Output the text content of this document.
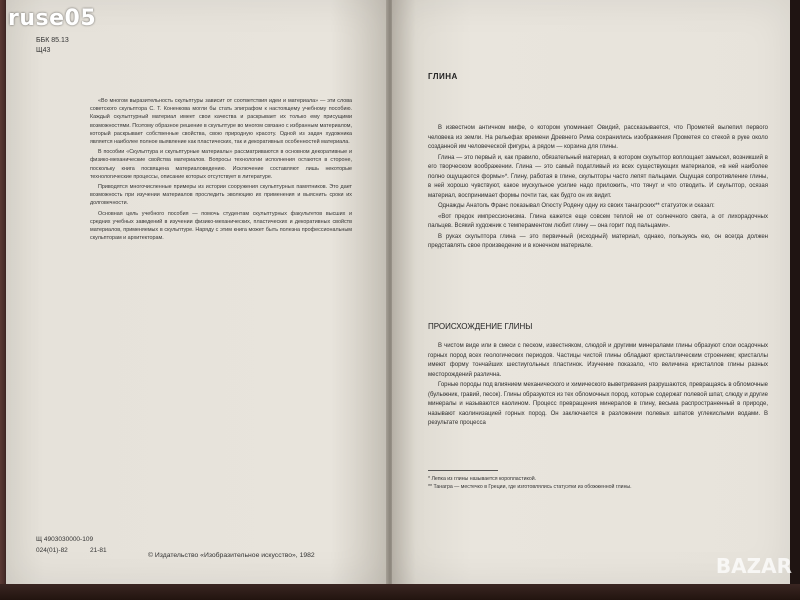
ББК 85.13
Щ43

«Во многом выразительность скульптуры зависит от соответствия идеи и материала» — эти слова советского скульптора С. Т. Коненкова могли бы стать эпиграфом к настоящему учебному пособию. Каждый скульптурный материал имеет свои качества и раскрывает их только ему присущими возможностями. Поэтому образное решение в скульптуре во многом связано с избранным материалом, который раскрывает собственные свойства, свою природную красоту. Одной из задач художника является наиболее полное выявление как пластических, так и декоративных особенностей материала.

В пособии «Скульптура и скульптурные материалы» рассматриваются в основном декоративные и физико-механические свойства материалов. Вопросы технологии исполнения остаются в стороне, поскольку книга посвящена материаловедению. Исключение составляют лишь некоторые технологические процессы, описание которых отсутствует в литературе.

Приводятся многочисленные примеры из истории сооружения скульптурных памятников. Это дает возможность при изучении материалов проследить эволюцию их применения и выяснить сроки их долговечности.

Основная цель учебного пособия — помочь студентам скульптурных факультетов высших и средних учебных заведений в изучении физико-механических, пластических и декоративных свойств материалов, применяемых в скульптуре. Наряду с этим книга может быть полезна профессиональным скульпторам и архитекторам.

Щ 4903030000-109
024(01)-82	21-81
© Издательство «Изобразительное искусство», 1982
ГЛИНА

В известном античном мифе, о котором упоминает Овидий, рассказывается, что Прометей вылепил первого человека из земли. На рельефах времени Древнего Рима сохранились изображения Прометея со стекой в руке около созданной им человеческой фигуры, а рядом — корзина для глины.

Глина — это первый и, как правило, обязательный материал, в котором скульптор воплощает замысел, возникший в его творческом воображении. Глина — это самый податливый из всех существующих материалов, «в ней наиболее полно ощущаются формы»*. Глину, работая в глине, скульпторы часто лепят пальцами. Ощущая сопротивление глины, в ней хорошо чувствуют, какое мускульное усилие надо приложить, что тянут и что отводить. И скульптор, осязая материал, воспринимает формы почти так, как будто он их видит.

Однажды Анатоль Франс показывал Огюсту Родену одну из своих танагрских** статуэток и сказал:

«Вот предок импрессионизма. Глина кажется еще совсем теплой не от солнечного света, а от лихорадочных пальцев. Всякий художник с темпераментом любит глину — она горит под пальцами».

В руках скульптора глина — это первичный (исходный) материал, однако, пользуясь ею, он всегда должен представлять свое произведение и в конечном материале.

ПРОИСХОЖДЕНИЕ ГЛИНЫ

В чистом виде или в смеси с песком, известняком, слюдой и другими минералами глины образуют слои осадочных горных пород всех геологических периодов. Частицы чистой глины обладают кристаллическим строением; кристаллы имеют форму тончайших шестиугольных пластинок. Изучение показало, что величина кристаллов глины разных месторождений различна.

Горные породы под влиянием механического и химического выветривания разрушаются, превращаясь в обломочные (булыжник, гравий, песок). Глины образуются из тех обломочных пород, которые содержат полевой шпат, слюду и другие минералы и называются каолином. Процесс превращения минералов в глину, весьма распространенный в природе, называют каолинизацией горных пород. Он заключается в разложении полевых шпатов углекислыми водами. В результате процесса

* Лепка из глины называется коропластикой.
** Танагра — местечко в Греции, где изготовлялись статуэтки из обожженной глины.
ruse05
BAZAR
